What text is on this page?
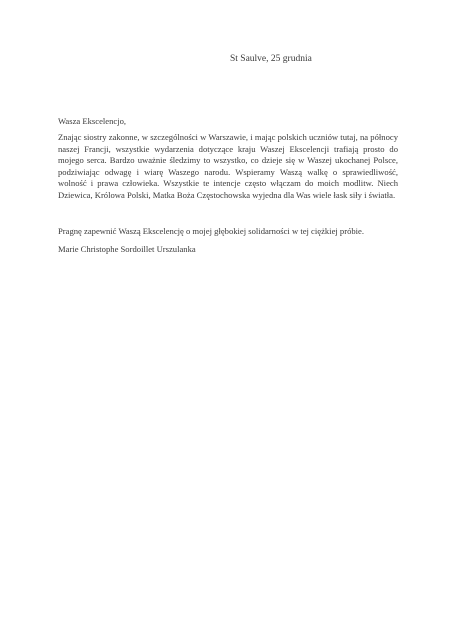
St Saulve, 25 grudnia
Wasza Ekscelencjo,
Znając siostry zakonne, w szczególności w Warszawie, i mając polskich uczniów tutaj, na północy naszej Francji, wszystkie wydarzenia dotyczące kraju Waszej Ekscelencji trafiają prosto do mojego serca. Bardzo uważnie śledzimy to wszystko, co dzieje się w Waszej ukochanej Polsce, podziwiając odwagę i wiarę Waszego narodu. Wspieramy Waszą walkę o sprawiedliwość, wolność i prawa człowieka. Wszystkie te intencje często włączam do moich modlitw. Niech Dziewica, Królowa Polski, Matka Boża Częstochowska wyjedna dla Was wiele łask siły i światła.
Pragnę zapewnić Waszą Ekscelencję o mojej głębokiej solidarności w tej ciężkiej próbie.
Marie Christophe Sordoillet Urszulanka
